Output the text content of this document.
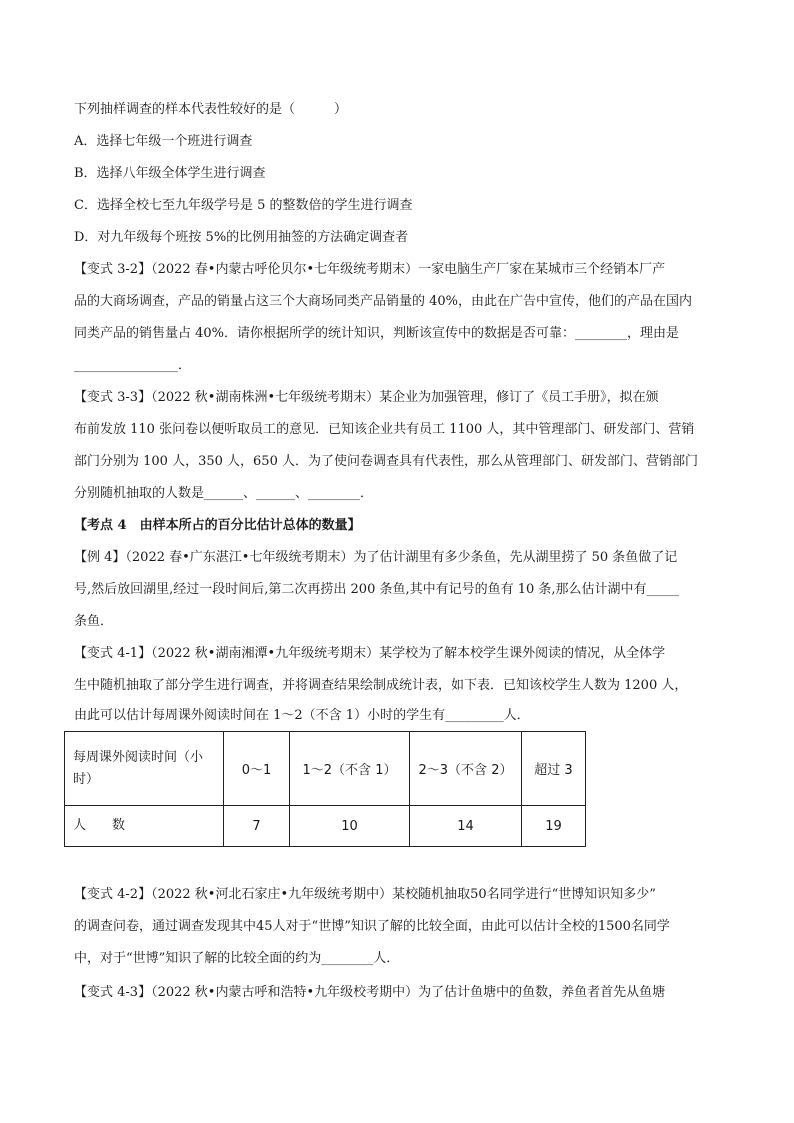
下列抽样调查的样本代表性较好的是（　　　）
A．选择七年级一个班进行调查
B．选择八年级全体学生进行调查
C．选择全校七至九年级学号是 5 的整数倍的学生进行调查
D．对九年级每个班按 5%的比例用抽签的方法确定调查者
【变式 3-2】（2022 春•内蒙古呼伦贝尔•七年级统考期末）一家电脑生产厂家在某城市三个经销本厂产
品的大商场调查，产品的销量占这三个大商场同类产品销量的 40%，由此在广告中宣传，他们的产品在国内
同类产品的销售量占 40%．请你根据所学的统计知识，判断该宣传中的数据是否可靠：________，理由是
________________．
【变式 3-3】（2022 秋•湖南株洲•七年级统考期末）某企业为加强管理，修订了《员工手册》，拟在颁
布前发放 110 张问卷以便听取员工的意见．已知该企业共有员工 1100 人，其中管理部门、研发部门、营销
部门分别为 100 人，350 人，650 人．为了使问卷调查具有代表性，那么从管理部门、研发部门、营销部门
分别随机抽取的人数是______、______、________．
【考点 4　由样本所占的百分比估计总体的数量】
【例 4】（2022 春•广东湛江•七年级统考期末）为了估计湖里有多少条鱼，先从湖里捞了 50 条鱼做了记
号,然后放回湖里,经过一段时间后,第二次再捞出 200 条鱼,其中有记号的鱼有 10 条,那么估计湖中有_____
条鱼．
【变式 4-1】（2022 秋•湖南湘潭•九年级统考期末）某学校为了解本校学生课外阅读的情况，从全体学
生中随机抽取了部分学生进行调查，并将调查结果绘制成统计表，如下表．已知该校学生人数为 1200 人，
由此可以估计每周课外阅读时间在 1～2（不含 1）小时的学生有_________人．
每周课外阅读时间（小时）	0～1	1～2（不含 1）	2～3（不含 2）	超过 3
人　　数	7	10	14	19
【变式 4-2】（2022 秋•河北石家庄•九年级统考期中）某校随机抽取50名同学进行“世博知识知多少”
的调查问卷，通过调查发现其中45人对于“世博”知识了解的比较全面，由此可以估计全校的1500名同学
中，对于“世博”知识了解的比较全面的约为________人．
【变式 4-3】（2022 秋•内蒙古呼和浩特•九年级校考期中）为了估计鱼塘中的鱼数，养鱼者首先从鱼塘
